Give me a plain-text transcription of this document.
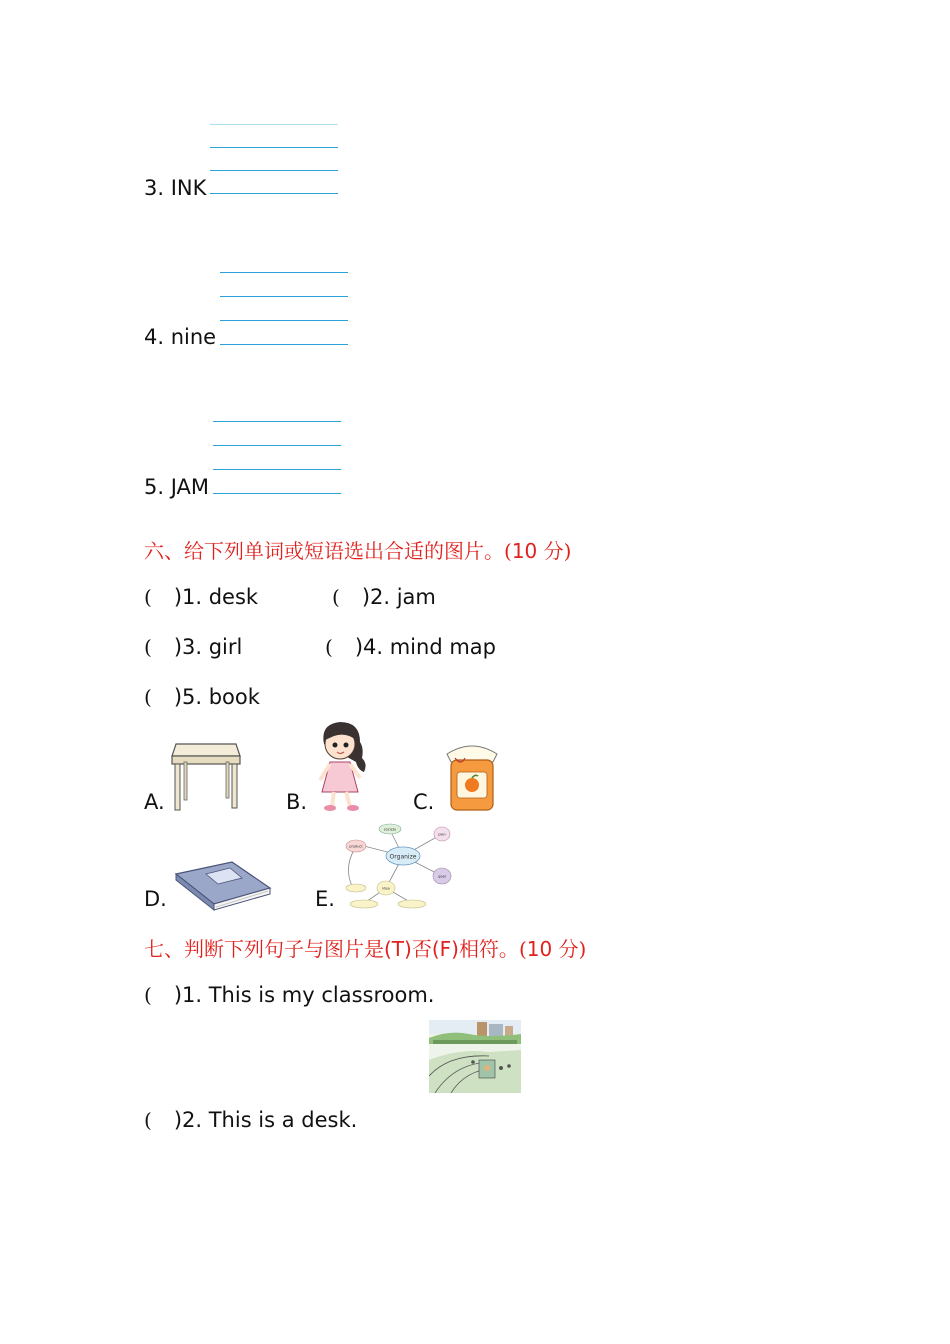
3. INK
4. nine
5. JAM
六、给下列单词或短语选出合适的图片。(10 分)
( )1. desk	( )2. jam
( )3. girl	( )4. mind map
( )5. book
A.	B.	C.
D.	E.
Organize
society
product
plan
goal
idea
七、判断下列句子与图片是(T)否(F)相符。(10 分)
( )1. This is my classroom.
( )2. This is a desk.
